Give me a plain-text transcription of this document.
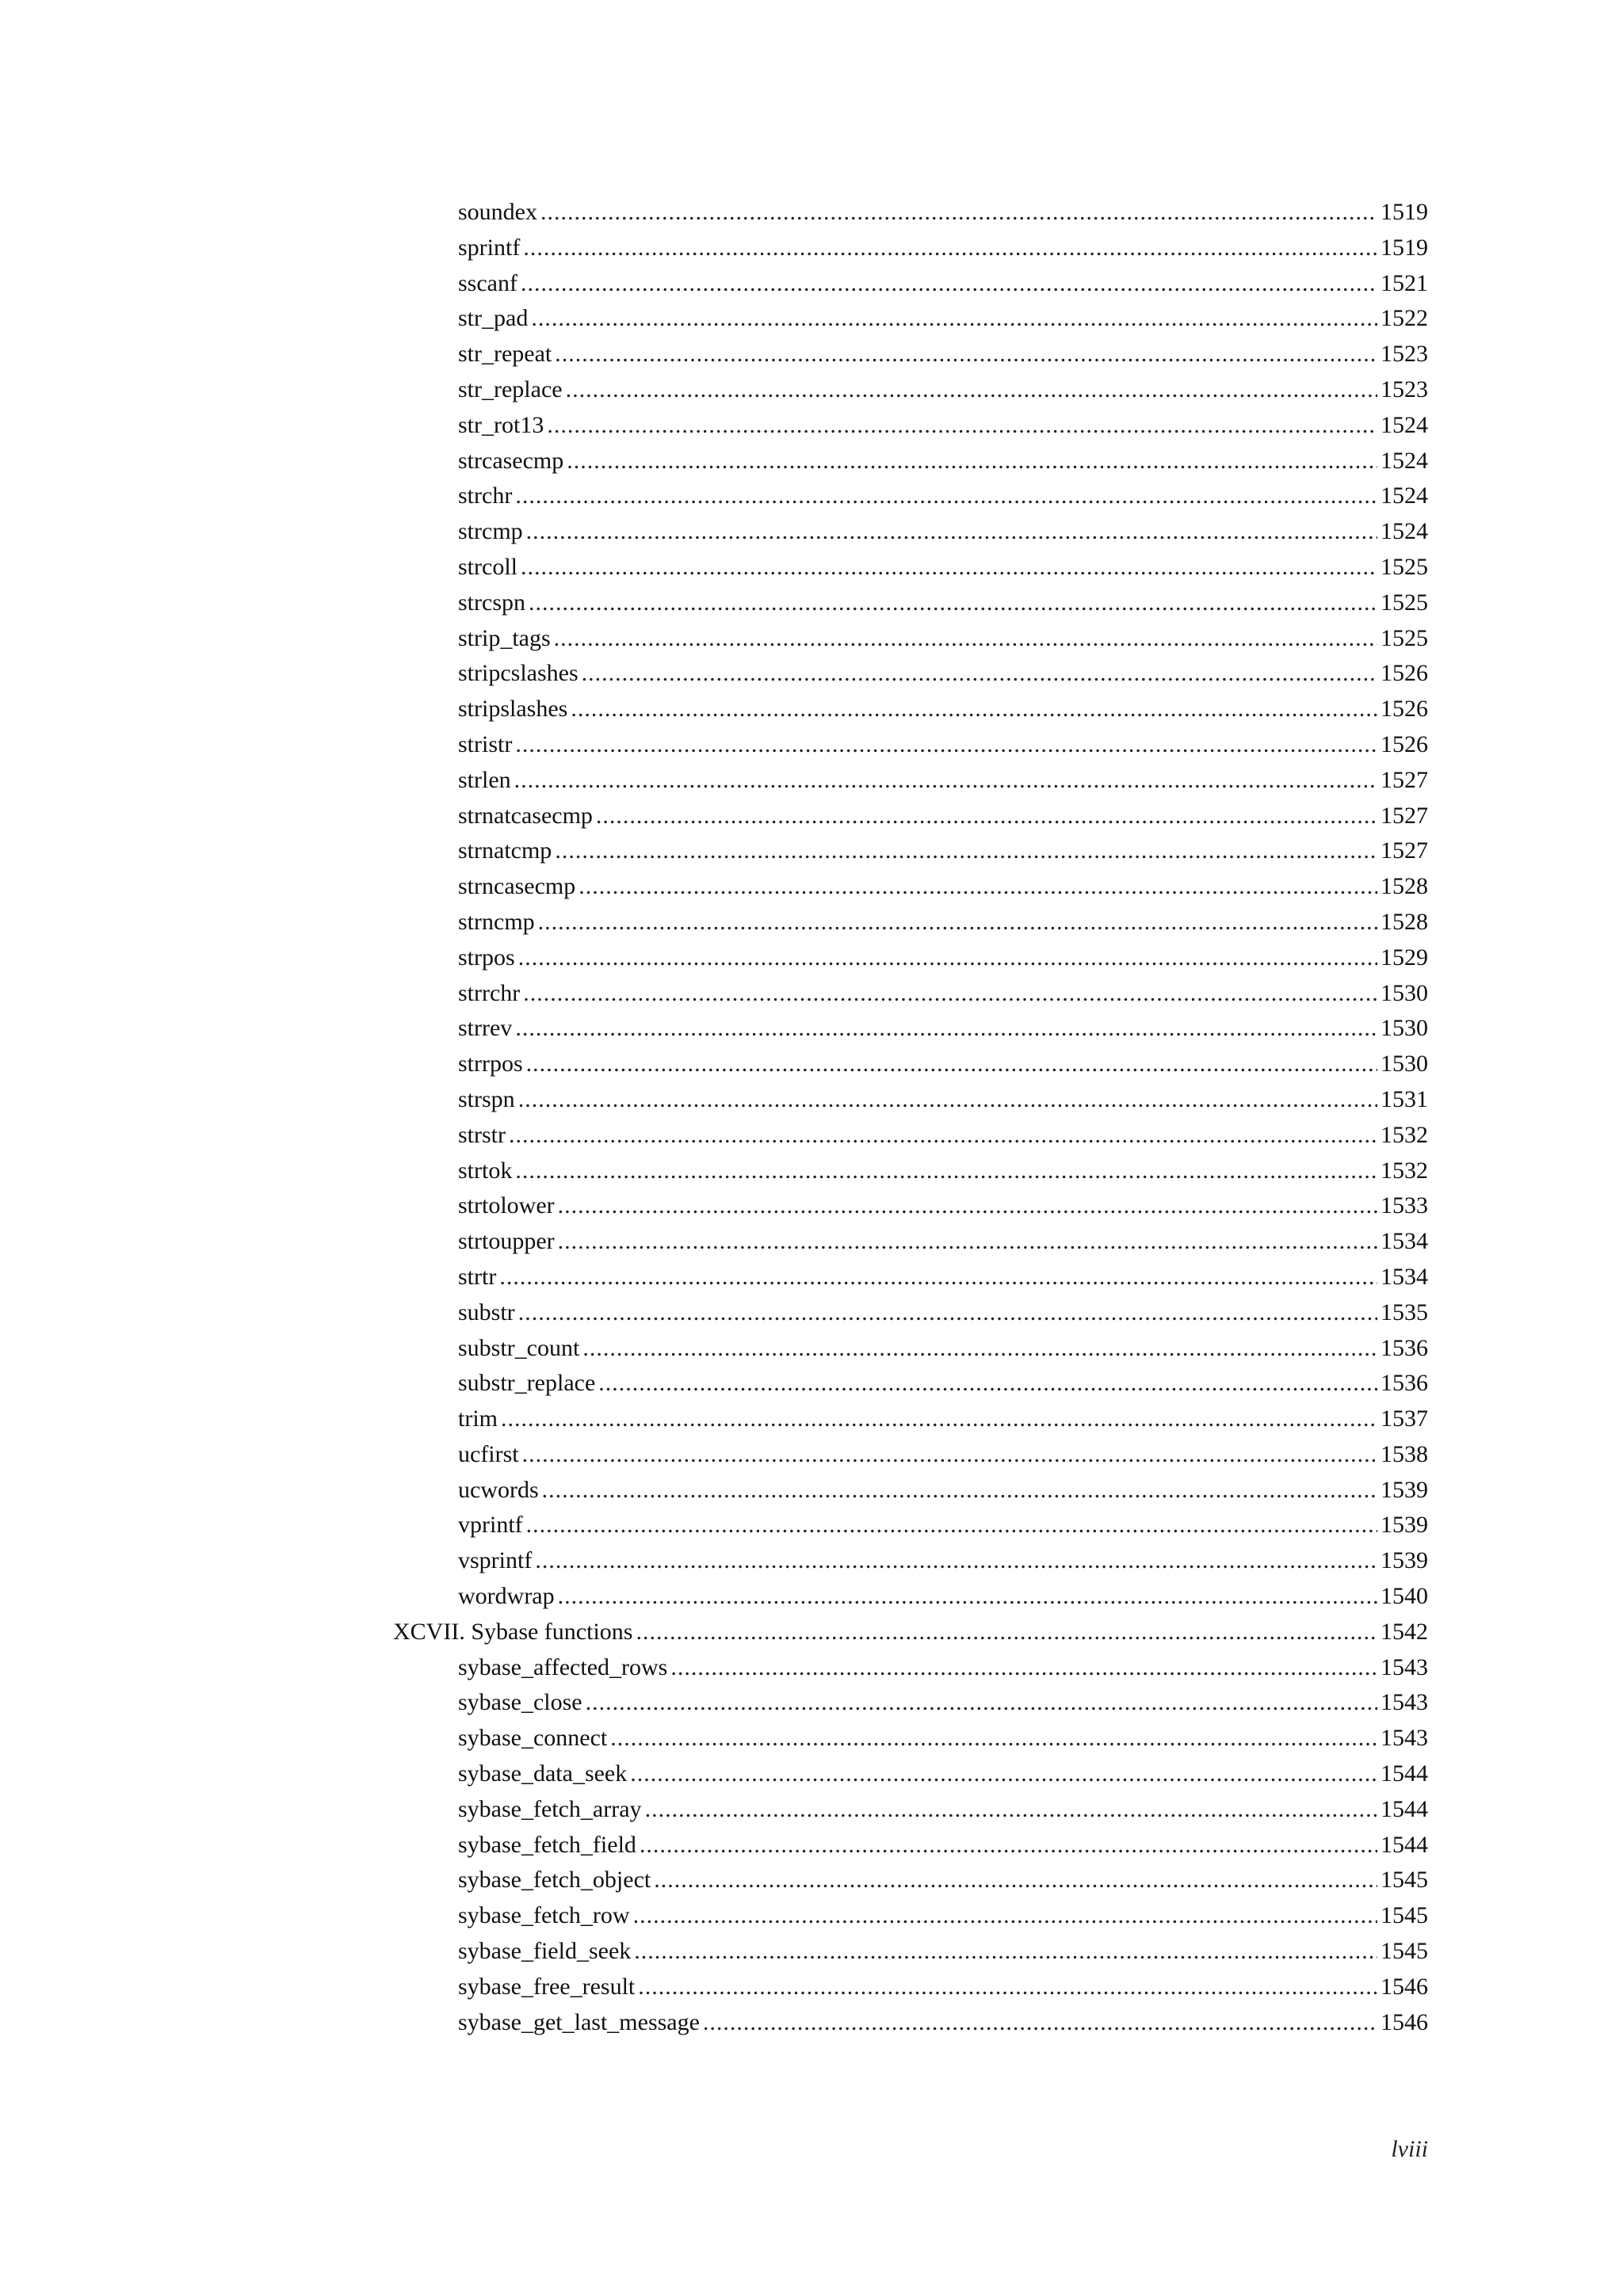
soundex .....	1519
sprintf .....	1519
sscanf .....	1521
str_pad .....	1522
str_repeat .....	1523
str_replace .....	1523
str_rot13 .....	1524
strcasecmp .....	1524
strchr .....	1524
strcmp .....	1524
strcoll .....	1525
strcspn .....	1525
strip_tags .....	1525
stripcslashes .....	1526
stripslashes .....	1526
stristr .....	1526
strlen .....	1527
strnatcasecmp .....	1527
strnatcmp .....	1527
strncasecmp .....	1528
strncmp .....	1528
strpos .....	1529
strrchr .....	1530
strrev .....	1530
strrpos .....	1530
strspn .....	1531
strstr .....	1532
strtok .....	1532
strtolower .....	1533
strtoupper .....	1534
strtr .....	1534
substr .....	1535
substr_count .....	1536
substr_replace .....	1536
trim .....	1537
ucfirst .....	1538
ucwords .....	1539
vprintf .....	1539
vsprintf .....	1539
wordwrap .....	1540
XCVII. Sybase functions .....	1542
sybase_affected_rows .....	1543
sybase_close .....	1543
sybase_connect .....	1543
sybase_data_seek .....	1544
sybase_fetch_array .....	1544
sybase_fetch_field .....	1544
sybase_fetch_object .....	1545
sybase_fetch_row .....	1545
sybase_field_seek .....	1545
sybase_free_result .....	1546
sybase_get_last_message .....	1546
lviii
